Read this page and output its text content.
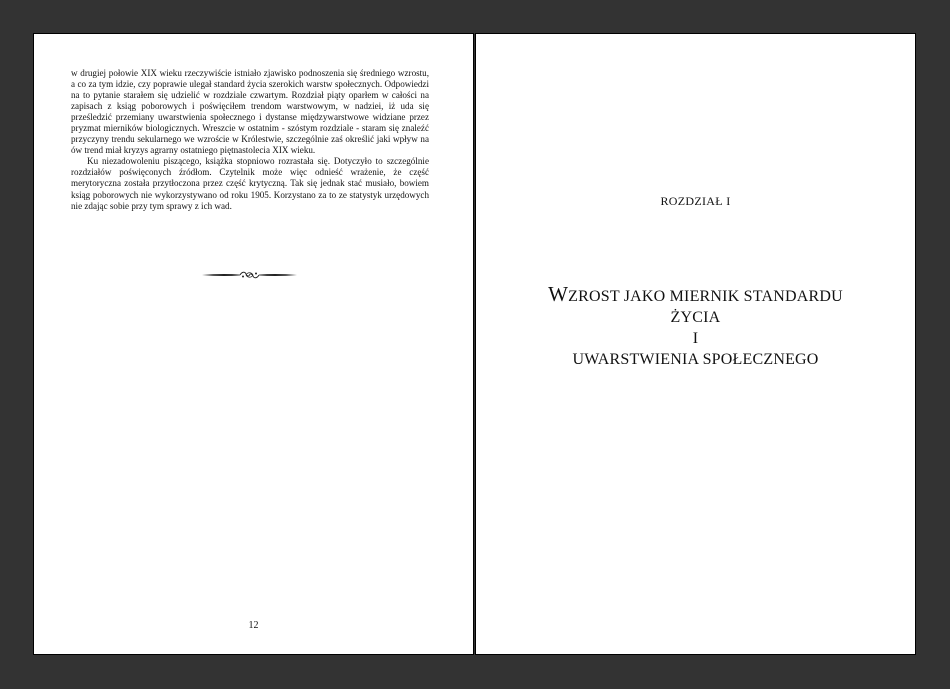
w drugiej połowie XIX wieku rzeczywiście istniało zjawisko podnoszenia się średniego wzrostu, a co za tym idzie, czy poprawie ulegał standard życia szerokich warstw społecznych. Odpowiedzi na to pytanie starałem się udzielić w rozdziale czwartym. Rozdział piąty oparłem w całości na zapisach z ksiąg poborowych i poświęciłem trendom warstwowym, w nadziei, iż uda się prześledzić przemiany uwarstwienia społecznego i dystanse międzywarstwowe widziane przez pryzmat mierników biologicznych. Wreszcie w ostatnim - szóstym rozdziale - staram się znaleźć przyczyny trendu sekularnego we wzroście w Królestwie, szczególnie zaś określić jaki wpływ na ów trend miał kryzys agrarny ostatniego piętnastolecia XIX wieku.

Ku niezadowoleniu piszącego, książka stopniowo rozrastała się. Dotyczyło to szczególnie rozdziałów poświęconych źródłom. Czytelnik może więc odnieść wrażenie, że część merytoryczna została przytłoczona przez część krytyczną. Tak się jednak stać musiało, bowiem ksiąg poborowych nie wykorzystywano od roku 1905. Korzystano za to ze statystyk urzędowych nie zdając sobie przy tym sprawy z ich wad.

12
ROZDZIAŁ I
WZROST JAKO MIERNIK STANDARDU
ŻYCIA
I
UWARSTWIENIA SPOŁECZNEGO
